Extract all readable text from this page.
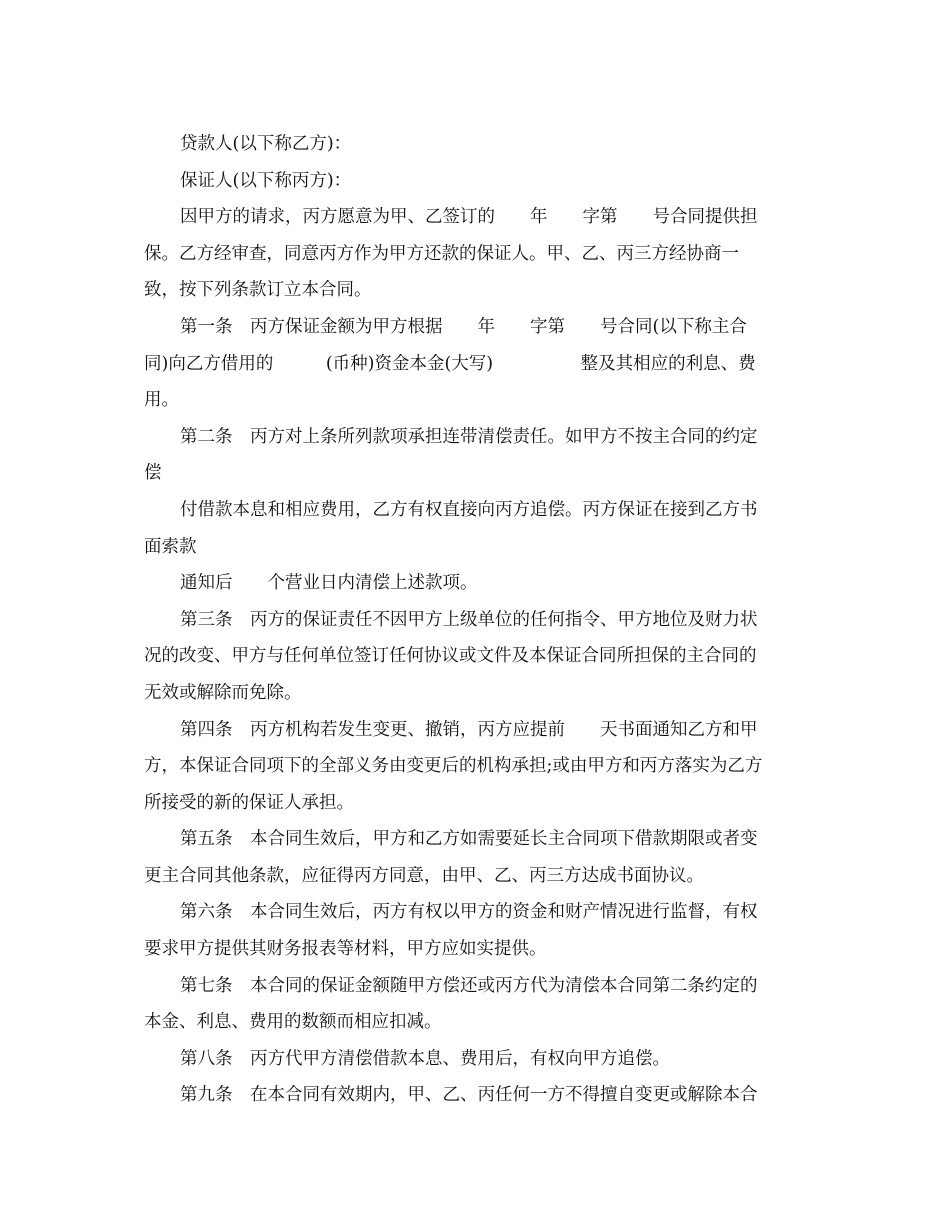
贷款人(以下称乙方)：
保证人(以下称丙方)：
因甲方的请求，丙方愿意为甲、乙签订的　　年　　字第　　号合同提供担
保。乙方经审查，同意丙方作为甲方还款的保证人。甲、乙、丙三方经协商一
致，按下列条款订立本合同。
第一条　丙方保证金额为甲方根据　　年　　字第　　号合同(以下称主合
同)向乙方借用的　　　(币种)资金本金(大写)　　　　　整及其相应的利息、费
用。
第二条　丙方对上条所列款项承担连带清偿责任。如甲方不按主合同的约定
偿
付借款本息和相应费用，乙方有权直接向丙方追偿。丙方保证在接到乙方书
面索款
通知后　　个营业日内清偿上述款项。
第三条　丙方的保证责任不因甲方上级单位的任何指令、甲方地位及财力状
况的改变、甲方与任何单位签订任何协议或文件及本保证合同所担保的主合同的
无效或解除而免除。
第四条　丙方机构若发生变更、撤销，丙方应提前　　天书面通知乙方和甲
方，本保证合同项下的全部义务由变更后的机构承担;或由甲方和丙方落实为乙方
所接受的新的保证人承担。
第五条　本合同生效后，甲方和乙方如需要延长主合同项下借款期限或者变
更主合同其他条款，应征得丙方同意，由甲、乙、丙三方达成书面协议。
第六条　本合同生效后，丙方有权以甲方的资金和财产情况进行监督，有权
要求甲方提供其财务报表等材料，甲方应如实提供。
第七条　本合同的保证金额随甲方偿还或丙方代为清偿本合同第二条约定的
本金、利息、费用的数额而相应扣减。
第八条　丙方代甲方清偿借款本息、费用后，有权向甲方追偿。
第九条　在本合同有效期内，甲、乙、丙任何一方不得擅自变更或解除本合
